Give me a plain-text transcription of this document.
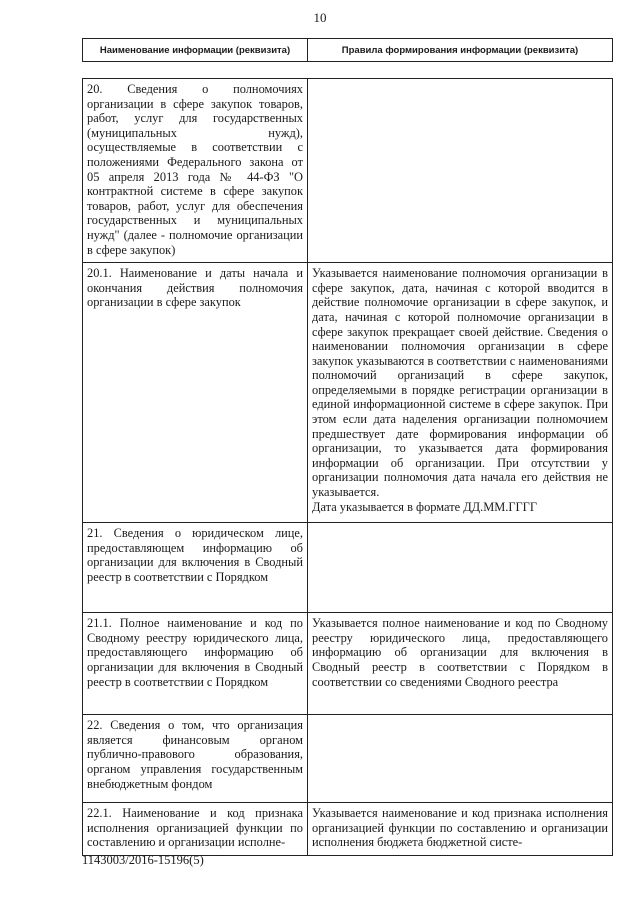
10
Наименование информации (реквизита)	Правила формирования информации (реквизита)
20. Сведения о полномочиях организации в сфере закупок товаров, работ, услуг для государственных (муниципальных нужд), осуществляемые в соответствии с положениями Федерального закона от 05 апреля 2013 года № 44-ФЗ "О контрактной системе в сфере закупок товаров, работ, услуг для обеспечения государственных и муниципальных нужд" (далее - полномочие организации в сфере закупок)	
20.1. Наименование и даты начала и окончания действия полномочия организации в сфере закупок	Указывается наименование полномочия организации в сфере закупок, дата, начиная с которой вводится в действие полномочие организации в сфере закупок, и дата, начиная с которой полномочие организации в сфере закупок прекращает своей действие. Сведения о наименовании полномочия организации в сфере закупок указываются в соответствии с наименованиями полномочий организаций в сфере закупок, определяемыми в порядке регистрации организации в единой информационной системе в сфере закупок. При этом если дата наделения организации полномочием предшествует дате формирования информации об организации, то указывается дата формирования информации об организации. При отсутствии у организации полномочия дата начала его действия не указывается.
Дата указывается в формате ДД.ММ.ГГГГ
21. Сведения о юридическом лице, предоставляющем информацию об организации для включения в Сводный реестр в соответствии с Порядком	
21.1. Полное наименование и код по Сводному реестру юридического лица, предоставляющего информацию об организации для включения в Сводный реестр в соответствии с Порядком	Указывается полное наименование и код по Сводному реестру юридического лица, предоставляющего информацию об организации для включения в Сводный реестр в соответствии с Порядком в соответствии со сведениями Сводного реестра
22. Сведения о том, что организация является финансовым органом публично-правового образования, органом управления государственным внебюджетным фондом	
22.1. Наименование и код признака исполнения организацией функции по составлению и организации исполне-	Указывается наименование и код признака исполнения организацией функции по составлению и организации исполнения бюджета бюджетной систе-
1143003/2016-15196(5)
